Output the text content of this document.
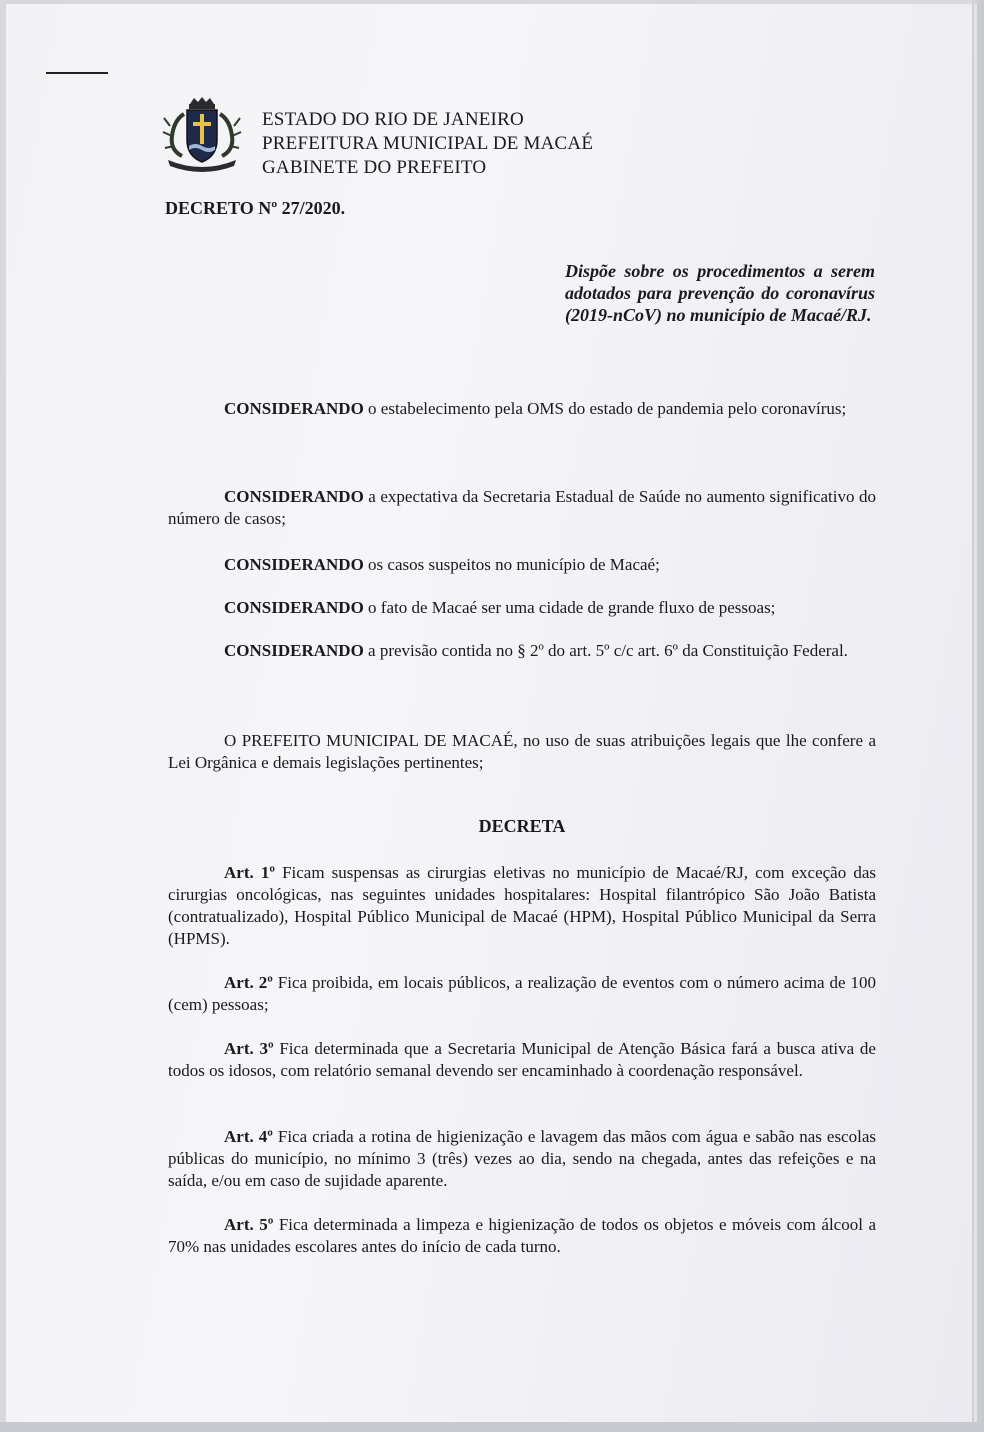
ESTADO DO RIO DE JANEIRO
PREFEITURA MUNICIPAL DE MACAÉ
GABINETE DO PREFEITO
DECRETO Nº 27/2020.
Dispõe sobre os procedimentos a serem adotados para prevenção do coronavírus (2019-nCoV) no município de Macaé/RJ.
CONSIDERANDO o estabelecimento pela OMS do estado de pandemia pelo coronavírus;
CONSIDERANDO a expectativa da Secretaria Estadual de Saúde no aumento significativo do número de casos;
CONSIDERANDO os casos suspeitos no município de Macaé;
CONSIDERANDO o fato de Macaé ser uma cidade de grande fluxo de pessoas;
CONSIDERANDO a previsão contida no § 2º do art. 5º c/c art. 6º da Constituição Federal.
O PREFEITO MUNICIPAL DE MACAÉ, no uso de suas atribuições legais que lhe confere a Lei Orgânica e demais legislações pertinentes;
DECRETA
Art. 1º Ficam suspensas as cirurgias eletivas no município de Macaé/RJ, com exceção das cirurgias oncológicas, nas seguintes unidades hospitalares: Hospital filantrópico São João Batista (contratualizado), Hospital Público Municipal de Macaé (HPM), Hospital Público Municipal da Serra (HPMS).
Art. 2º Fica proibida, em locais públicos, a realização de eventos com o número acima de 100 (cem) pessoas;
Art. 3º Fica determinada que a Secretaria Municipal de Atenção Básica fará a busca ativa de todos os idosos, com relatório semanal devendo ser encaminhado à coordenação responsável.
Art. 4º Fica criada a rotina de higienização e lavagem das mãos com água e sabão nas escolas públicas do município, no mínimo 3 (três) vezes ao dia, sendo na chegada, antes das refeições e na saída, e/ou em caso de sujidade aparente.
Art. 5º Fica determinada a limpeza e higienização de todos os objetos e móveis com álcool a 70% nas unidades escolares antes do início de cada turno.
